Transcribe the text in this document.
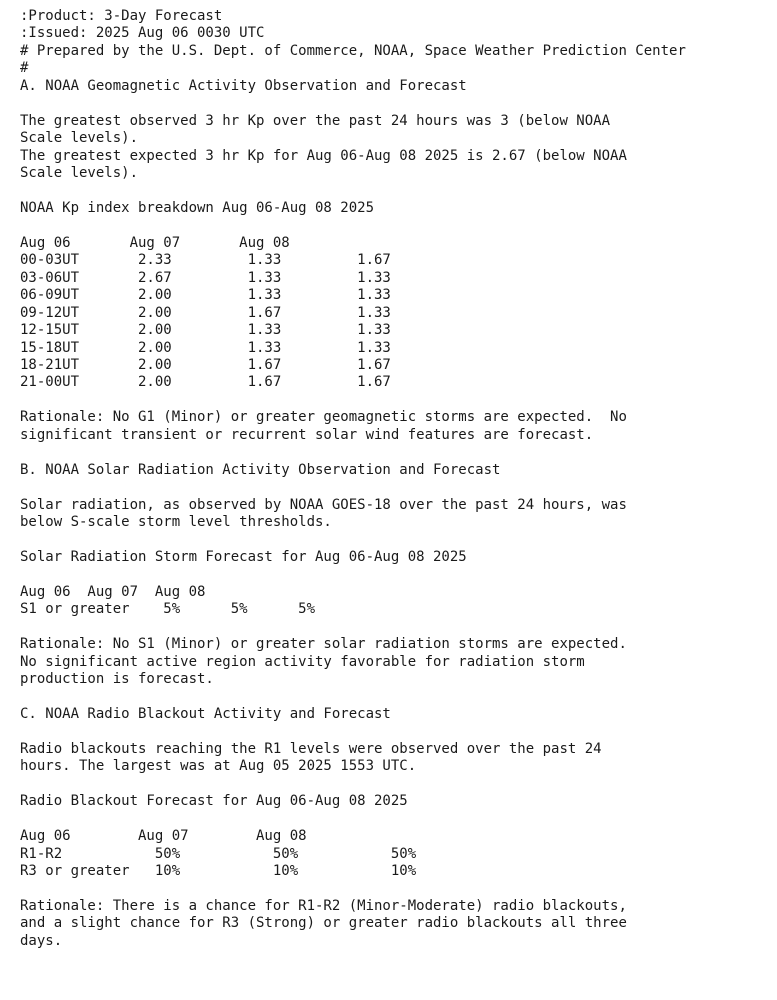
:Product: 3-Day Forecast
:Issued: 2025 Aug 06 0030 UTC
# Prepared by the U.S. Dept. of Commerce, NOAA, Space Weather Prediction Center
#
A. NOAA Geomagnetic Activity Observation and Forecast
The greatest observed 3 hr Kp over the past 24 hours was 3 (below NOAA
Scale levels).
The greatest expected 3 hr Kp for Aug 06-Aug 08 2025 is 2.67 (below NOAA
Scale levels).
NOAA Kp index breakdown Aug 06-Aug 08 2025
Aug 06       Aug 07       Aug 08
00-03UT       2.33         1.33         1.67
03-06UT       2.67         1.33         1.33
06-09UT       2.00         1.33         1.33
09-12UT       2.00         1.67         1.33
12-15UT       2.00         1.33         1.33
15-18UT       2.00         1.33         1.33
18-21UT       2.00         1.67         1.67
21-00UT       2.00         1.67         1.67
Rationale: No G1 (Minor) or greater geomagnetic storms are expected.  No
significant transient or recurrent solar wind features are forecast.
B. NOAA Solar Radiation Activity Observation and Forecast
Solar radiation, as observed by NOAA GOES-18 over the past 24 hours, was
below S-scale storm level thresholds.
Solar Radiation Storm Forecast for Aug 06-Aug 08 2025
Aug 06  Aug 07  Aug 08
S1 or greater    5%      5%      5%
Rationale: No S1 (Minor) or greater solar radiation storms are expected.
No significant active region activity favorable for radiation storm
production is forecast.
C. NOAA Radio Blackout Activity and Forecast
Radio blackouts reaching the R1 levels were observed over the past 24
hours. The largest was at Aug 05 2025 1553 UTC.
Radio Blackout Forecast for Aug 06-Aug 08 2025
Aug 06        Aug 07        Aug 08
R1-R2           50%           50%           50%
R3 or greater   10%           10%           10%
Rationale: There is a chance for R1-R2 (Minor-Moderate) radio blackouts,
and a slight chance for R3 (Strong) or greater radio blackouts all three
days.
